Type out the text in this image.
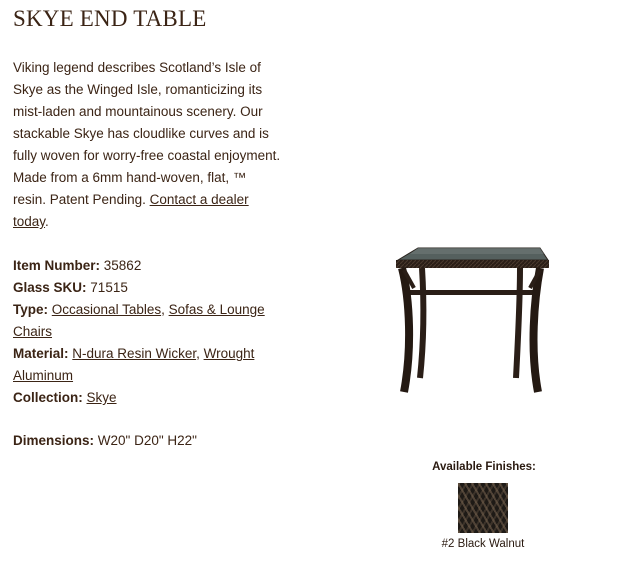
SKYE END TABLE
Viking legend describes Scotland’s Isle of Skye as the Winged Isle, romanticizing its mist-laden and mountainous scenery. Our stackable Skye has cloudlike curves and is fully woven for worry-free coastal enjoyment. Made from a 6mm hand-woven, flat, ™ resin. Patent Pending. Contact a dealer today.
Item Number: 35862
Glass SKU: 71515
Type: Occasional Tables, Sofas & Lounge Chairs
Material: N-dura Resin Wicker, Wrought Aluminum
Collection: Skye
Dimensions: W20" D20" H22"
Available Finishes:
#2 Black Walnut
